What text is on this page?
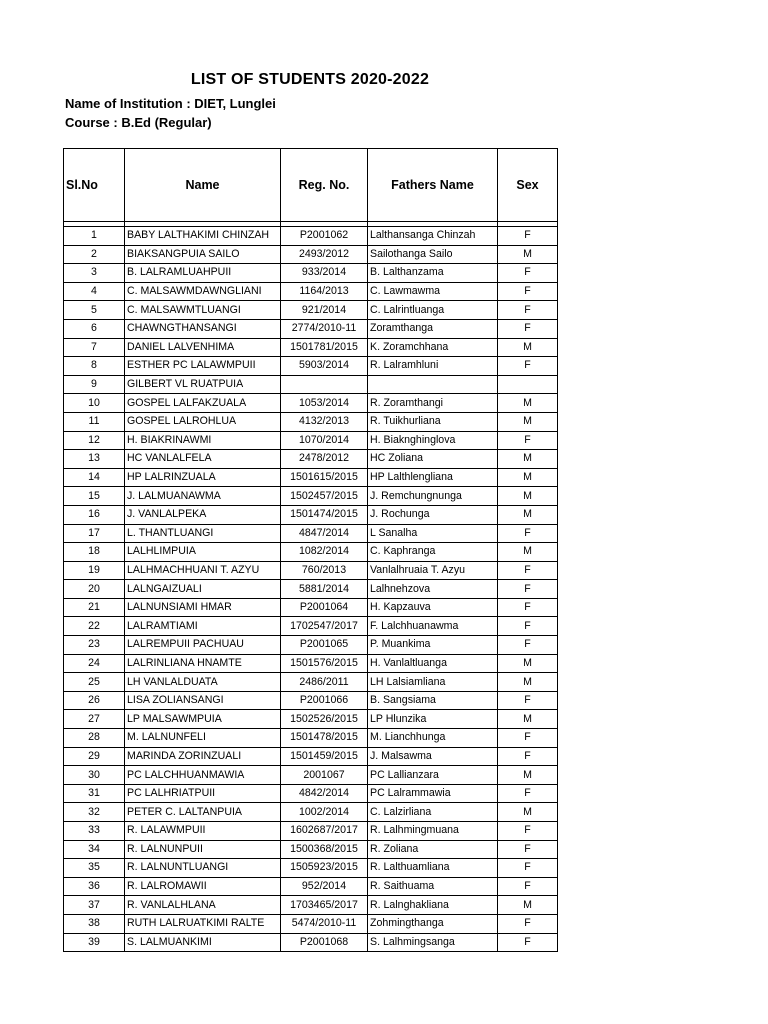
LIST OF STUDENTS 2020-2022
Name of Institution : DIET, Lunglei
Course : B.Ed (Regular)
Sl.No	Name	Reg. No.	Fathers Name	Sex

1	BABY LALTHAKIMI CHINZAH	P2001062	Lalthansanga Chinzah	F
2	BIAKSANGPUIA SAILO	2493/2012	Sailothanga Sailo	M
3	B. LALRAMLUAHPUII	933/2014	B. Lalthanzama	F
4	C. MALSAWMDAWNGLIANI	1164/2013	C. Lawmawma	F
5	C. MALSAWMTLUANGI	921/2014	C. Lalrintluanga	F
6	CHAWNGTHANSANGI	2774/2010-11	Zoramthanga	F
7	DANIEL LALVENHIMA	1501781/2015	K. Zoramchhana	M
8	ESTHER PC LALAWMPUII	5903/2014	R. Lalramhluni	F
9	GILBERT VL RUATPUIA			
10	GOSPEL LALFAKZUALA	1053/2014	R. Zoramthangi	M
11	GOSPEL LALROHLUA	4132/2013	R. Tuikhurliana	M
12	H. BIAKRINAWMI	1070/2014	H. Biaknghinglova	F
13	HC VANLALFELA	2478/2012	HC Zoliana	M
14	HP LALRINZUALA	1501615/2015	HP Lalthlengliana	M
15	J. LALMUANAWMA	1502457/2015	J. Remchungnunga	M
16	J. VANLALPEKA	1501474/2015	J. Rochunga	M
17	L. THANTLUANGI	4847/2014	L Sanalha	F
18	LALHLIMPUIA	1082/2014	C. Kaphranga	M
19	LALHMACHHUANI T. AZYU	760/2013	Vanlalhruaia T. Azyu	F
20	LALNGAIZUALI	5881/2014	Lalhnehzova	F
21	LALNUNSIAMI HMAR	P2001064	H. Kapzauva	F
22	LALRAMTIAMI	1702547/2017	F. Lalchhuanawma	F
23	LALREMPUII PACHUAU	P2001065	P. Muankima	F
24	LALRINLIANA HNAMTE	1501576/2015	H. Vanlaltluanga	M
25	LH VANLALDUATA	2486/2011	LH Lalsiamliana	M
26	LISA ZOLIANSANGI	P2001066	B. Sangsiama	F
27	LP MALSAWMPUIA	1502526/2015	LP Hlunzika	M
28	M. LALNUNFELI	1501478/2015	M. Lianchhunga	F
29	MARINDA ZORINZUALI	1501459/2015	J. Malsawma	F
30	PC LALCHHUANMAWIA	2001067	PC Lallianzara	M
31	PC LALHRIATPUII	4842/2014	PC Lalrammawia	F
32	PETER C. LALTANPUIA	1002/2014	C. Lalzirliana	M
33	R. LALAWMPUII	1602687/2017	R. Lalhmingmuana	F
34	R. LALNUNPUII	1500368/2015	R. Zoliana	F
35	R. LALNUNTLUANGI	1505923/2015	R. Lalthuamliana	F
36	R. LALROMAWII	952/2014	R. Saithuama	F
37	R. VANLALHLANA	1703465/2017	R. Lalnghakliana	M
38	RUTH LALRUATKIMI RALTE	5474/2010-11	Zohmingthanga	F
39	S. LALMUANKIMI	P2001068	S. Lalhmingsanga	F
